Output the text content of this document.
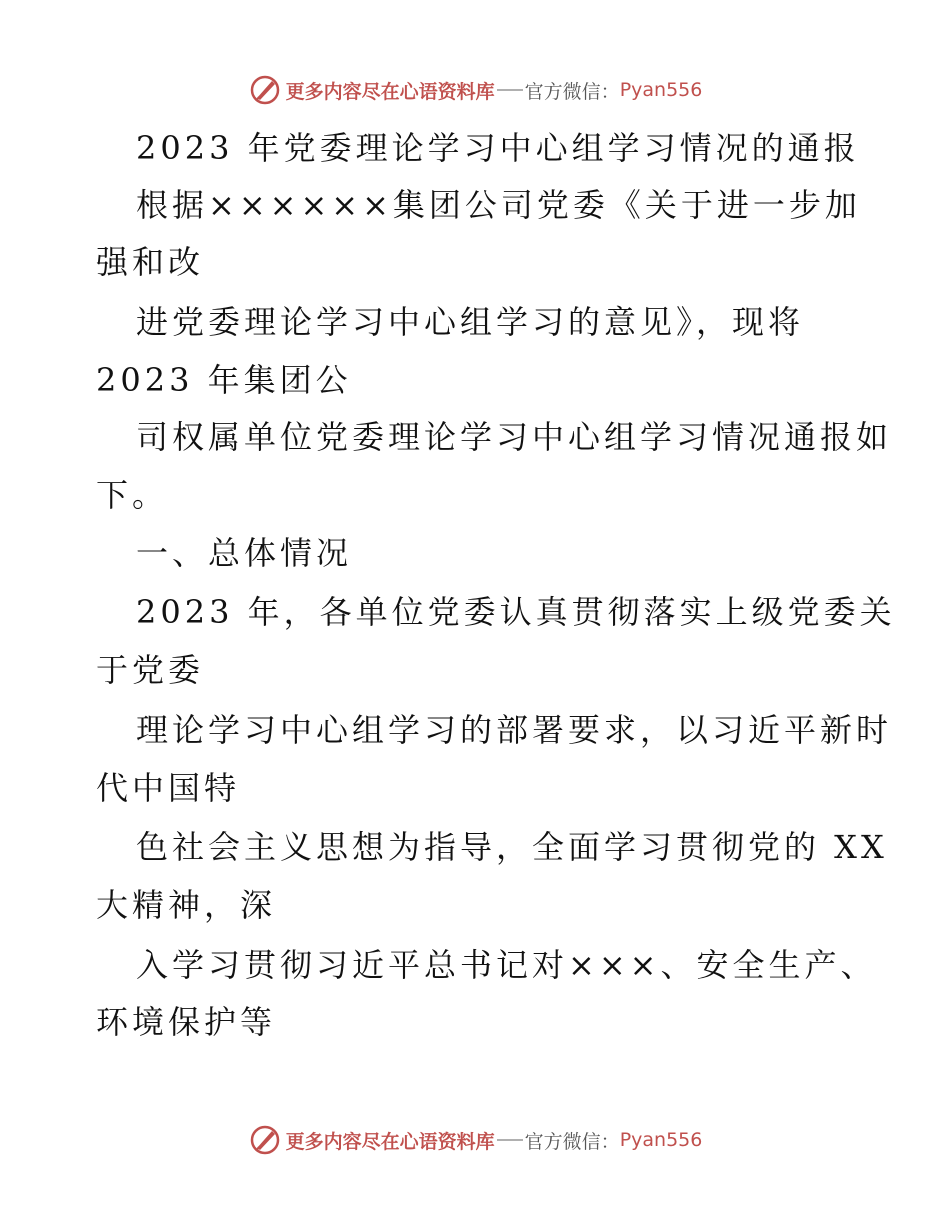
更多内容尽在心语资料库 官方微信： Pyan556
2023 年党委理论学习中心组学习情况的通报
根据××××××集团公司党委《关于进一步加
强和改
进党委理论学习中心组学习的意见》，现将
2023 年集团公
司权属单位党委理论学习中心组学习情况通报如
下。
一、总体情况
2023 年，各单位党委认真贯彻落实上级党委关
于党委
理论学习中心组学习的部署要求，以习近平新时
代中国特
色社会主义思想为指导，全面学习贯彻党的 XX
大精神，深
入学习贯彻习近平总书记对×××、安全生产、
环境保护等
更多内容尽在心语资料库 官方微信： Pyan556
